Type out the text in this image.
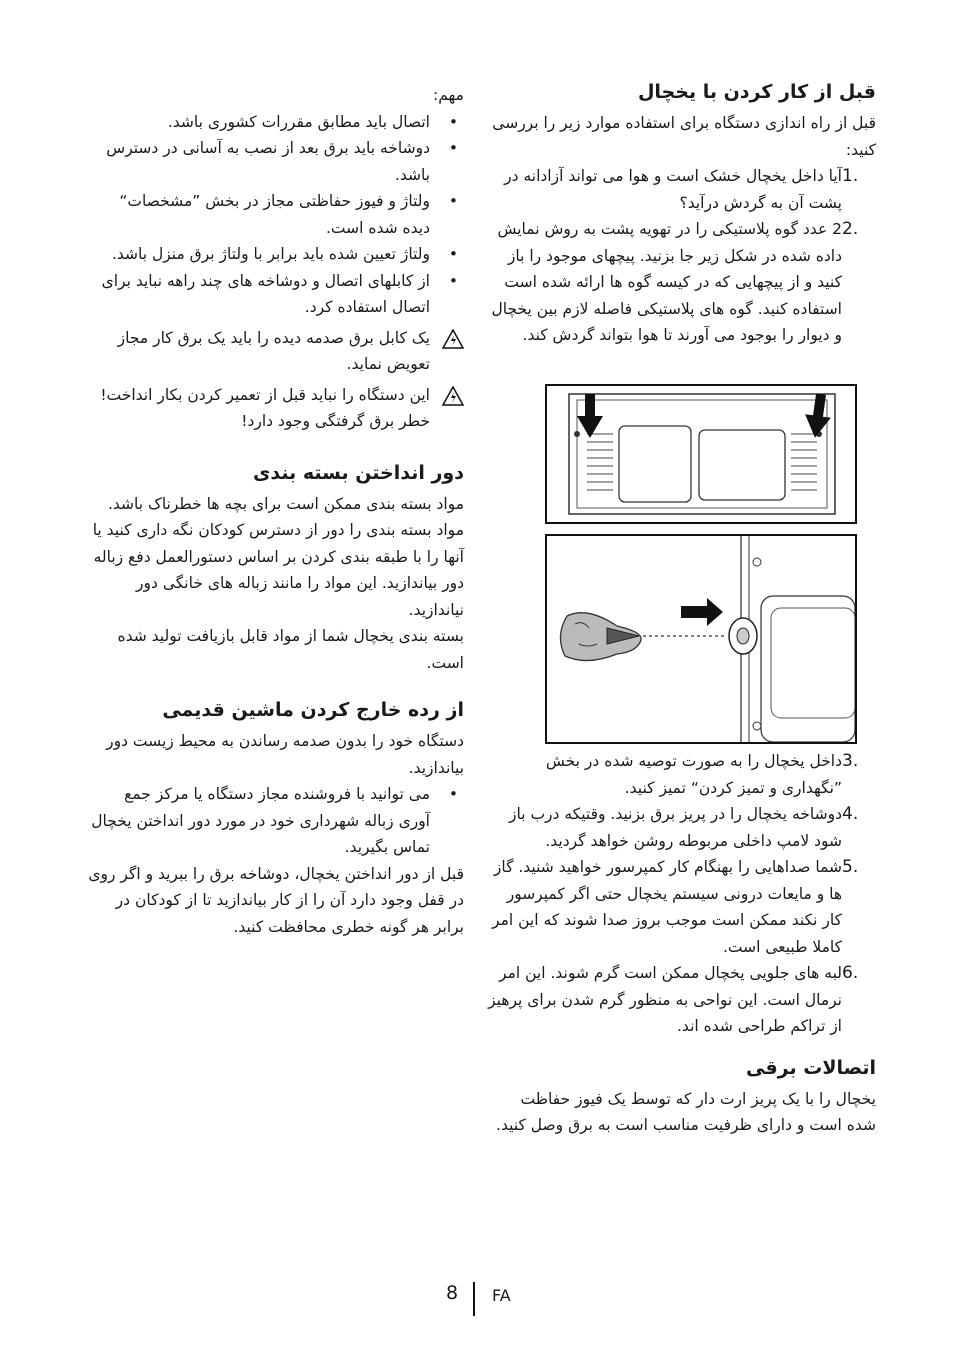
قبل از کار کردن با یخچال

قبل از راه اندازی دستگاه برای استفاده موارد زیر را بررسی کنید:

1.
آیا داخل یخچال خشک است و هوا می تواند آزادانه در پشت آن به گردش درآید؟
2.
2 عدد گوه پلاستیکی را در تهویه پشت به روش نمایش داده شده در شکل زیر جا بزنید. پیچهای موجود را باز کنید و از پیچهایی که در کیسه گوه ها ارائه شده است استفاده کنید. گوه های پلاستیکی فاصله لازم بین یخچال و دیوار را بوجود می آورند تا هوا بتواند گردش کند.
3.
داخل یخچال را به صورت توصیه شده در بخش ”نگهداری و تمیز کردن“ تمیز کنید.
4.
دوشاخه یخچال را در پریز برق بزنید. وقتیکه درب باز شود لامپ داخلی مربوطه روشن خواهد گردید.
5.
شما صداهایی را بهنگام کار کمپرسور خواهید شنید. گاز ها و مایعات درونی سیستم یخچال حتی اگر کمپرسور کار نکند ممکن است موجب بروز صدا شوند که این امر کاملا طبیعی است.
6.
لبه های جلویی یخچال ممکن است گرم شوند. این امر نرمال است. این نواحی به منظور گرم شدن برای پرهیز از تراکم طراحی شده اند.
اتصالات برقی

یخچال را با یک پریز ارت دار که توسط یک فیوز حفاظت شده است و دارای ظرفیت مناسب است به برق وصل کنید.

مهم:

• اتصال باید مطابق مقررات کشوری باشد.
• دوشاخه باید برق بعد از نصب به آسانی در دسترس باشد.
• ولتاژ و فیوز حفاظتی مجاز در بخش ”مشخصات“ دیده شده است.
• ولتاژ تعیین شده باید برابر با ولتاژ برق منزل باشد.
• از کابلهای اتصال و دوشاخه های چند راهه نباید برای اتصال استفاده کرد.
یک کابل برق صدمه دیده را باید یک برق کار مجاز تعویض نماید.
این دستگاه را نباید قبل از تعمیر کردن بکار انداخت! خطر برق گرفتگی وجود دارد!
دور انداختن بسته بندی

مواد بسته بندی ممکن است برای بچه ها خطرناک باشد. مواد بسته بندی را دور از دسترس کودکان نگه داری کنید یا آنها را با طبقه بندی کردن بر اساس دستورالعمل دفع زباله دور بیاندازید. این مواد را مانند زباله های خانگی دور نیاندازید.

بسته بندی یخچال شما از مواد قابل بازیافت تولید شده است.

از رده خارج کردن ماشین قدیمی

دستگاه خود را بدون صدمه رساندن به محیط زیست دور بیاندازید.

• می توانید با فروشنده مجاز دستگاه یا مرکز جمع آوری زباله شهرداری خود در مورد دور انداختن یخچال تماس بگیرید.

قبل از دور انداختن یخچال، دوشاخه برق را ببرید و اگر روی در قفل وجود دارد آن را از کار بیاندازید تا از کودکان در برابر هر گونه خطری محافظت کنید.

8 FA
